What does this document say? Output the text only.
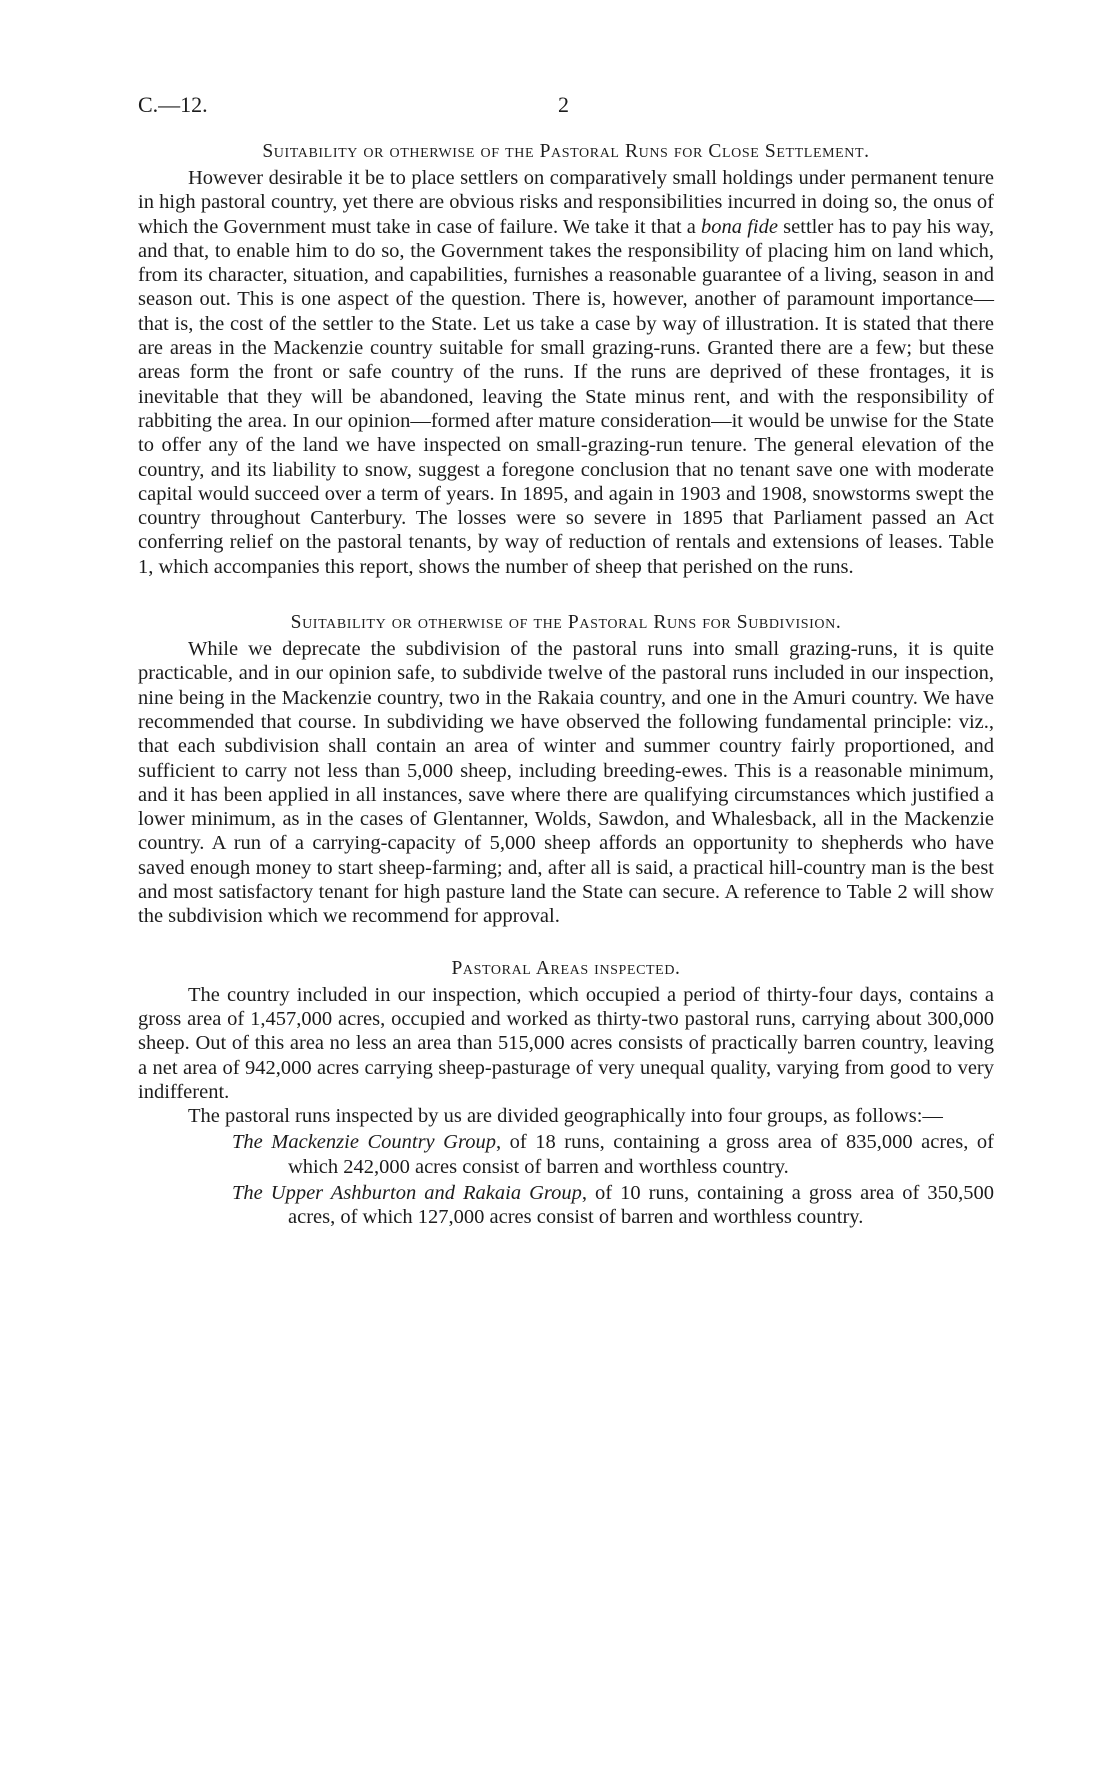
C.—12.	2
Suitability or otherwise of the Pastoral Runs for Close Settlement.

However desirable it be to place settlers on comparatively small holdings under permanent tenure in high pastoral country, yet there are obvious risks and responsibilities incurred in doing so, the onus of which the Government must take in case of failure. We take it that a bona fide settler has to pay his way, and that, to enable him to do so, the Government takes the responsibility of placing him on land which, from its character, situation, and capabilities, furnishes a reasonable guarantee of a living, season in and season out. This is one aspect of the question. There is, however, another of paramount importance—that is, the cost of the settler to the State. Let us take a case by way of illustration. It is stated that there are areas in the Mackenzie country suitable for small grazing-runs. Granted there are a few; but these areas form the front or safe country of the runs. If the runs are deprived of these frontages, it is inevitable that they will be abandoned, leaving the State minus rent, and with the responsibility of rabbiting the area. In our opinion—formed after mature consideration—it would be unwise for the State to offer any of the land we have inspected on small-grazing-run tenure. The general elevation of the country, and its liability to snow, suggest a foregone conclusion that no tenant save one with moderate capital would succeed over a term of years. In 1895, and again in 1903 and 1908, snowstorms swept the country throughout Canterbury. The losses were so severe in 1895 that Parliament passed an Act conferring relief on the pastoral tenants, by way of reduction of rentals and extensions of leases. Table 1, which accompanies this report, shows the number of sheep that perished on the runs.

Suitability or otherwise of the Pastoral Runs for Subdivision.

While we deprecate the subdivision of the pastoral runs into small grazing-runs, it is quite practicable, and in our opinion safe, to subdivide twelve of the pastoral runs included in our inspection, nine being in the Mackenzie country, two in the Rakaia country, and one in the Amuri country. We have recommended that course. In subdividing we have observed the following fundamental principle: viz., that each subdivision shall contain an area of winter and summer country fairly proportioned, and sufficient to carry not less than 5,000 sheep, including breeding-ewes. This is a reasonable minimum, and it has been applied in all instances, save where there are qualifying circumstances which justified a lower minimum, as in the cases of Glentanner, Wolds, Sawdon, and Whalesback, all in the Mackenzie country. A run of a carrying-capacity of 5,000 sheep affords an opportunity to shepherds who have saved enough money to start sheep-farming; and, after all is said, a practical hill-country man is the best and most satisfactory tenant for high pasture land the State can secure. A reference to Table 2 will show the subdivision which we recommend for approval.

Pastoral Areas inspected.

The country included in our inspection, which occupied a period of thirty-four days, contains a gross area of 1,457,000 acres, occupied and worked as thirty-two pastoral runs, carrying about 300,000 sheep. Out of this area no less an area than 515,000 acres consists of practically barren country, leaving a net area of 942,000 acres carrying sheep-pasturage of very unequal quality, varying from good to very indifferent.

The pastoral runs inspected by us are divided geographically into four groups, as follows:—

The Mackenzie Country Group, of 18 runs, containing a gross area of 835,000 acres, of which 242,000 acres consist of barren and worthless country.
The Upper Ashburton and Rakaia Group, of 10 runs, containing a gross area of 350,500 acres, of which 127,000 acres consist of barren and worthless country.
